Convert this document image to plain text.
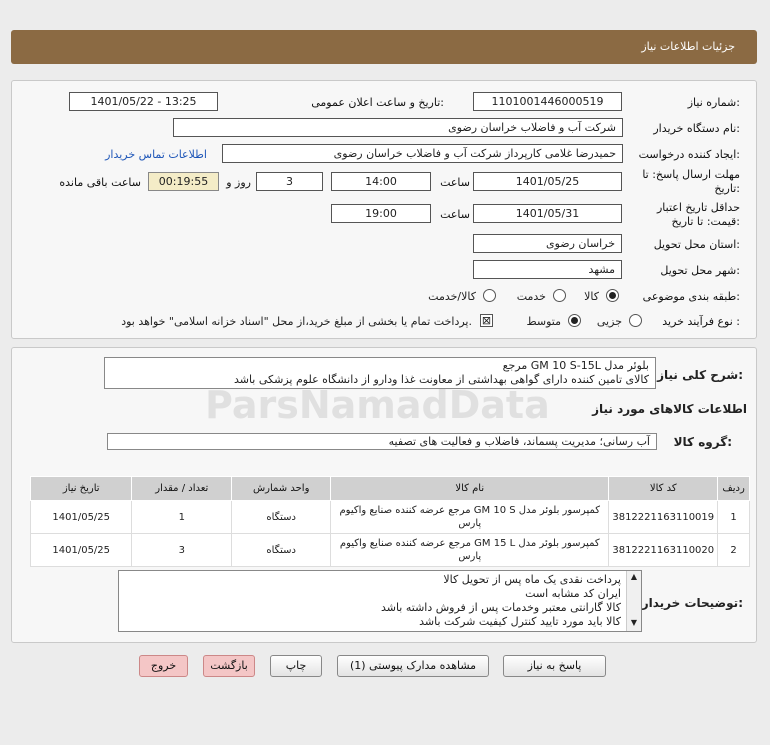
جزئیات اطلاعات نیاز
شماره نیاز:
1101001446000519
تاریخ و ساعت اعلان عمومی:
1401/05/22 - 13:25
نام دستگاه خریدار:
شرکت آب و فاضلاب خراسان رضوی
ایجاد کننده درخواست:
حمیدرضا غلامی کارپرداز شرکت آب و فاضلاب خراسان رضوی
اطلاعات تماس خریدار
مهلت ارسال پاسخ: تا
تاریخ:
1401/05/25
ساعت
14:00
3
روز و
00:19:55
ساعت باقی مانده
حداقل تاریخ اعتبار
قیمت: تا تاریخ:
1401/05/31
ساعت
19:00
استان محل تحویل:
خراسان رضوی
شهر محل تحویل:
مشهد
طبقه بندی موضوعی:
کالا
خدمت
کالا/خدمت
نوع فرآیند خرید :
جزیی
متوسط
⊠
پرداخت تمام یا بخشی از مبلغ خرید،از محل "اسناد خزانه اسلامی" خواهد بود.
شرح کلی نیاز:
بلوئر مدل GM 10 S-15L مرجع
کالای تامین کننده دارای گواهی بهداشتی از معاونت غذا ودارو از دانشگاه علوم پزشکی باشد
اطلاعات کالاهای مورد نیاز
گروه کالا:
آب رسانی؛ مدیریت پسماند، فاضلاب و فعالیت های تصفیه
ردیف	کد کالا	نام کالا	واحد شمارش	تعداد / مقدار	تاریخ نیاز
1	3812221163110019	کمپرسور بلوئر مدل GM 10 S مرجع عرضه کننده صنایع واکیوم پارس	دستگاه	1	1401/05/25
2	3812221163110020	کمپرسور بلوئر مدل GM 15 L مرجع عرضه کننده صنایع واکیوم پارس	دستگاه	3	1401/05/25
توضیحات خریدار:
پرداخت نقدی یک ماه پس از تحویل کالا
ایران کد مشابه است
کالا گارانتی معتبر وخدمات پس از فروش داشته باشد
کالا باید مورد تایید کنترل کیفیت شرکت باشد
▲
▼
پاسخ به نیاز
مشاهده مدارک پیوستی (1)
چاپ
بازگشت
خروج
